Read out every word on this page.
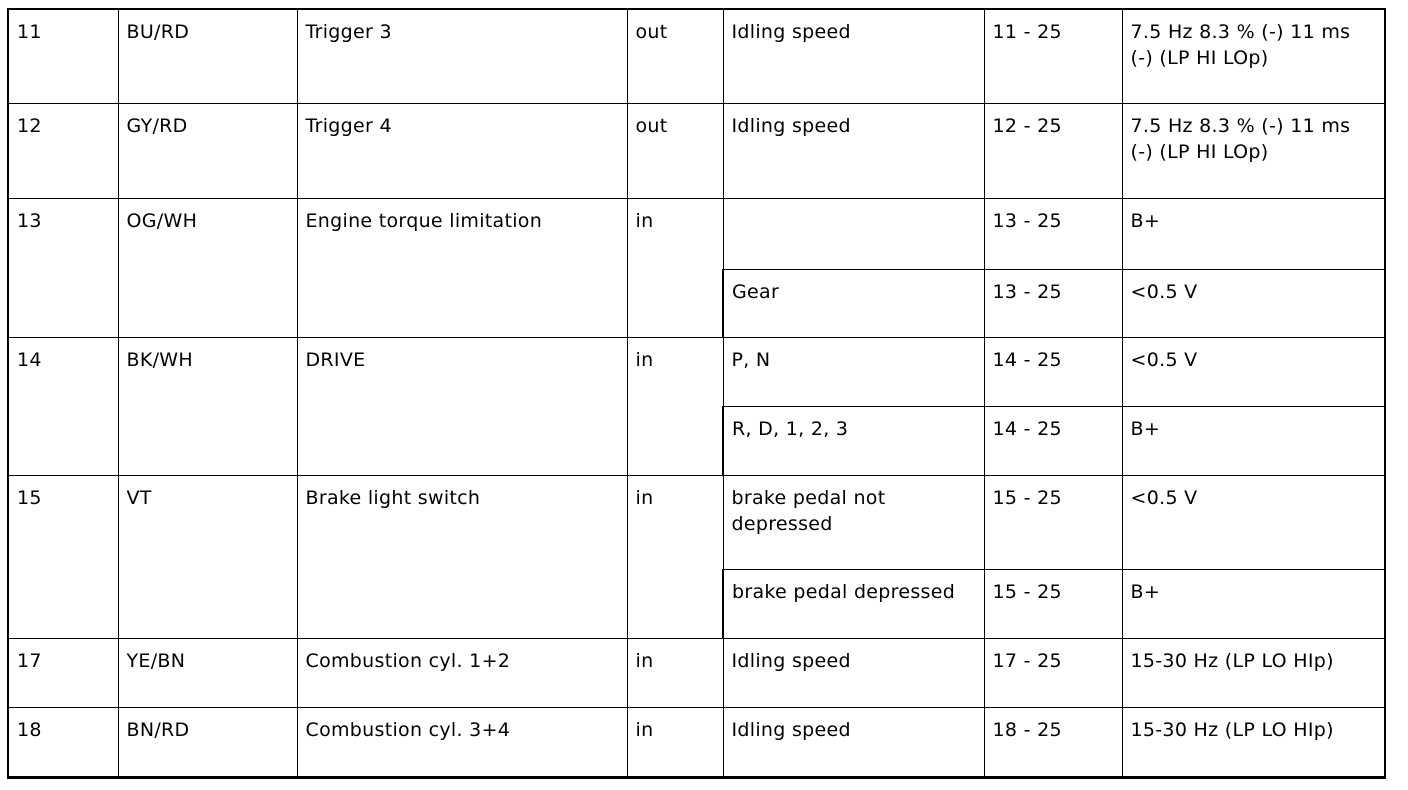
11	BU/RD	Trigger 3	out	Idling speed	11 - 25	7.5 Hz 8.3 % (-) 11 ms (-) (LP HI LOp)
12	GY/RD	Trigger 4	out	Idling speed	12 - 25	7.5 Hz 8.3 % (-) 11 ms (-) (LP HI LOp)
13	OG/WH	Engine torque limitation	in		13 - 25	B+
				Gear	13 - 25	<0.5 V
14	BK/WH	DRIVE	in	P, N	14 - 25	<0.5 V
				R, D, 1, 2, 3	14 - 25	B+
15	VT	Brake light switch	in	brake pedal not depressed	15 - 25	<0.5 V
				brake pedal depressed	15 - 25	B+
17	YE/BN	Combustion cyl. 1+2	in	Idling speed	17 - 25	15-30 Hz (LP LO HIp)
18	BN/RD	Combustion cyl. 3+4	in	Idling speed	18 - 25	15-30 Hz (LP LO HIp)
